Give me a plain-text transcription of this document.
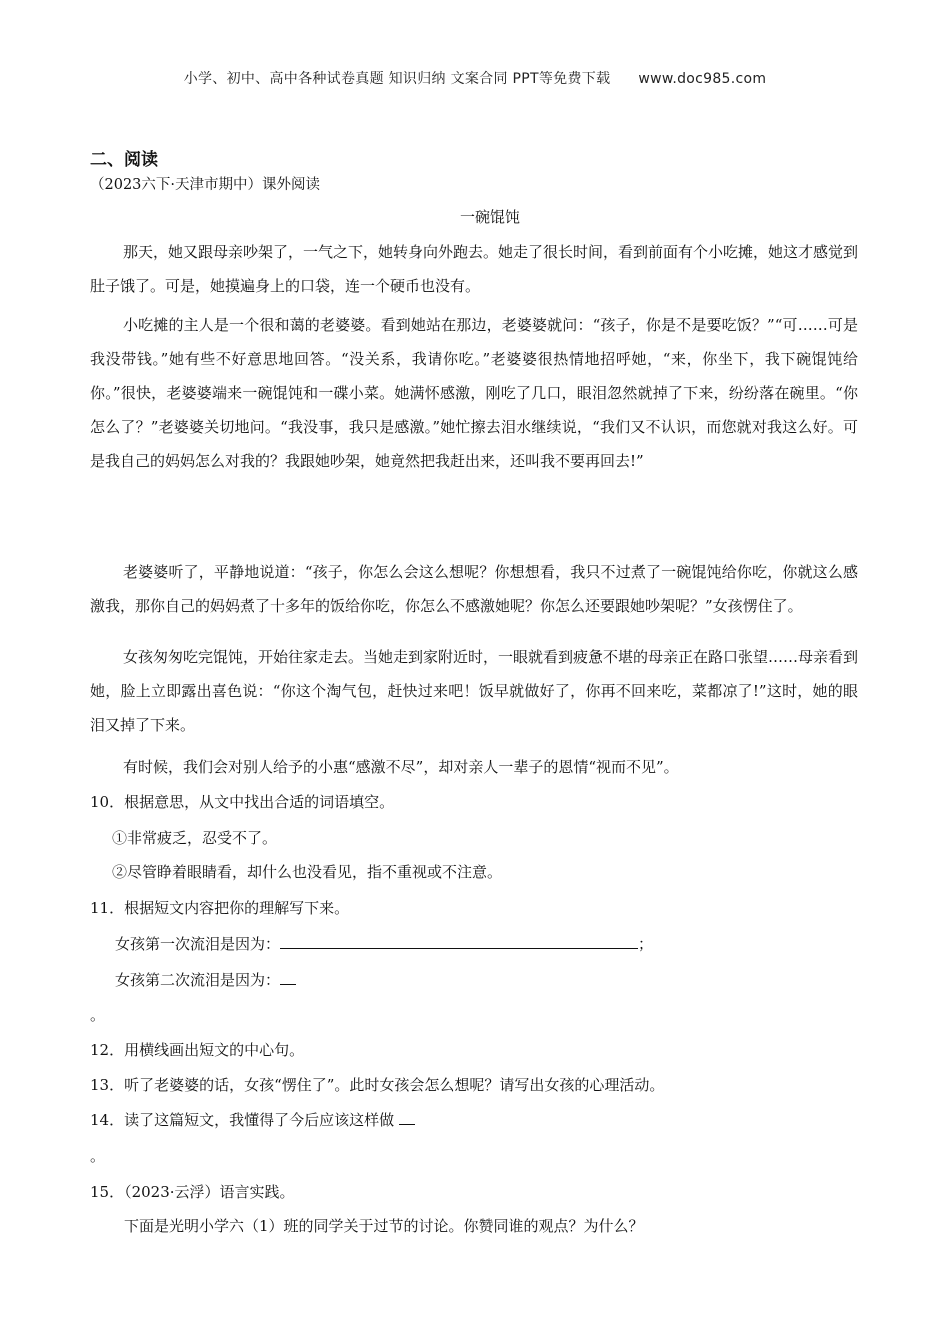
小学、初中、高中各种试卷真题 知识归纳 文案合同 PPT等免费下载 www.doc985.com
二、阅读
（2023六下·天津市期中）课外阅读
一碗馄饨

那天，她又跟母亲吵架了，一气之下，她转身向外跑去。她走了很长时间，看到前面有个小吃摊，她这才感觉到肚子饿了。可是，她摸遍身上的口袋，连一个硬币也没有。

小吃摊的主人是一个很和蔼的老婆婆。看到她站在那边，老婆婆就问：“孩子，你是不是要吃饭？”“可……可是我没带钱。”她有些不好意思地回答。“没关系，我请你吃。”老婆婆很热情地招呼她，“来，你坐下，我下碗馄饨给你。”很快，老婆婆端来一碗馄饨和一碟小菜。她满怀感激，刚吃了几口，眼泪忽然就掉了下来，纷纷落在碗里。“你怎么了？”老婆婆关切地问。“我没事，我只是感激。”她忙擦去泪水继续说，“我们又不认识，而您就对我这么好。可是我自己的妈妈怎么对我的？我跟她吵架，她竟然把我赶出来，还叫我不要再回去!”

老婆婆听了，平静地说道：“孩子，你怎么会这么想呢？你想想看，我只不过煮了一碗馄饨给你吃，你就这么感激我，那你自己的妈妈煮了十多年的饭给你吃，你怎么不感激她呢？你怎么还要跟她吵架呢？”女孩愣住了。

女孩匆匆吃完馄饨，开始往家走去。当她走到家附近时，一眼就看到疲惫不堪的母亲正在路口张望……母亲看到她，脸上立即露出喜色说：“你这个淘气包，赶快过来吧！饭早就做好了，你再不回来吃，菜都凉了!”这时，她的眼泪又掉了下来。

有时候，我们会对别人给予的小惠“感激不尽”，却对亲人一辈子的恩情“视而不见”。

10．根据意思，从文中找出合适的词语填空。
①非常疲乏，忍受不了。
②尽管睁着眼睛看，却什么也没看见，指不重视或不注意。
11．根据短文内容把你的理解写下来。
女孩第一次流泪是因为：	；
女孩第二次流泪是因为：
。
12．用横线画出短文的中心句。
13．听了老婆婆的话，女孩“愣住了”。此时女孩会怎么想呢？请写出女孩的心理活动。
14．读了这篇短文，我懂得了今后应该这样做
。
15．（2023·云浮）语言实践。
下面是光明小学六（1）班的同学关于过节的讨论。你赞同谁的观点？为什么？
